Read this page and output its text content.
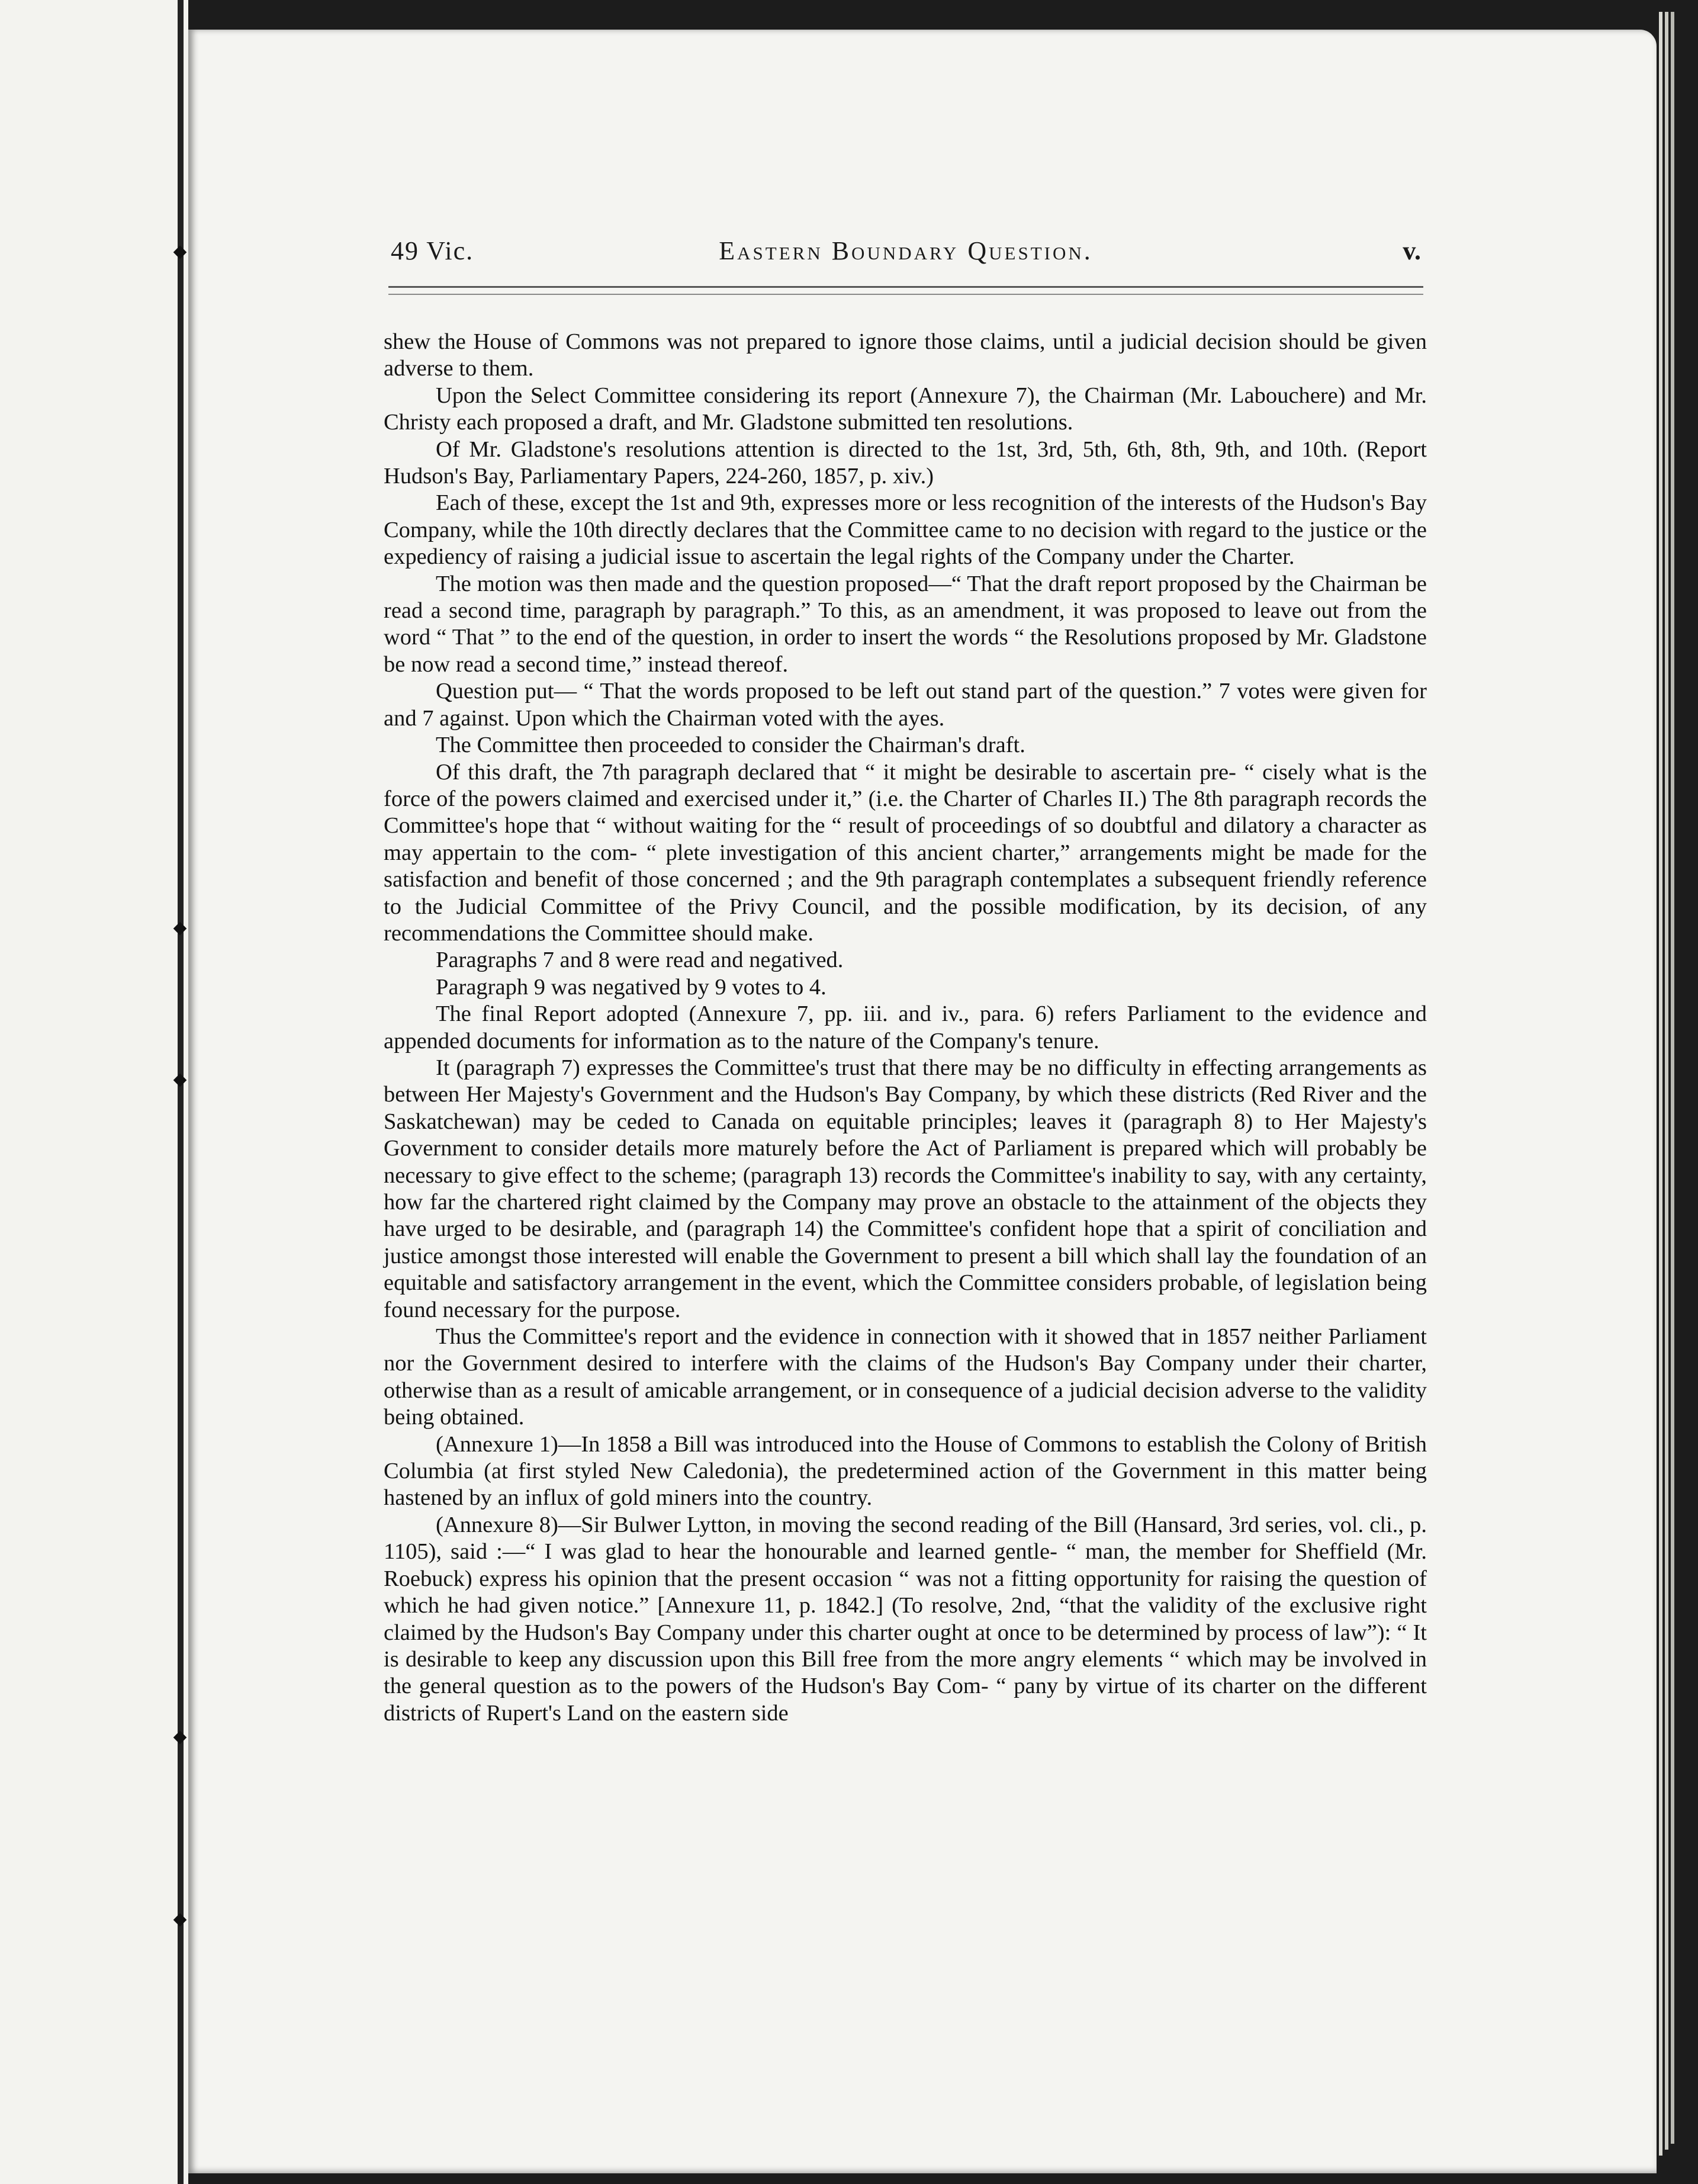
49 Vic.	Eastern Boundary Question.	v.

shew the House of Commons was not prepared to ignore those claims, until a judicial decision should be given adverse to them.

Upon the Select Committee considering its report (Annexure 7), the Chairman (Mr. Labouchere) and Mr. Christy each proposed a draft, and Mr. Gladstone submitted ten resolutions.

Of Mr. Gladstone's resolutions attention is directed to the 1st, 3rd, 5th, 6th, 8th, 9th, and 10th. (Report Hudson's Bay, Parliamentary Papers, 224-260, 1857, p. xiv.)

Each of these, except the 1st and 9th, expresses more or less recognition of the interests of the Hudson's Bay Company, while the 10th directly declares that the Committee came to no decision with regard to the justice or the expediency of raising a judicial issue to ascertain the legal rights of the Company under the Charter.

The motion was then made and the question proposed—“ That the draft report proposed by the Chairman be read a second time, paragraph by paragraph.” To this, as an amendment, it was proposed to leave out from the word “ That ” to the end of the question, in order to insert the words “ the Resolutions proposed by Mr. Gladstone be now read a second time,” instead thereof.

Question put— “ That the words proposed to be left out stand part of the question.” 7 votes were given for and 7 against. Upon which the Chairman voted with the ayes.

The Committee then proceeded to consider the Chairman's draft.

Of this draft, the 7th paragraph declared that “ it might be desirable to ascertain pre- “ cisely what is the force of the powers claimed and exercised under it,” (i.e. the Charter of Charles II.) The 8th paragraph records the Committee's hope that “ without waiting for the “ result of proceedings of so doubtful and dilatory a character as may appertain to the com- “ plete investigation of this ancient charter,” arrangements might be made for the satisfaction and benefit of those concerned ; and the 9th paragraph contemplates a subsequent friendly reference to the Judicial Committee of the Privy Council, and the possible modification, by its decision, of any recommendations the Committee should make.

Paragraphs 7 and 8 were read and negatived.

Paragraph 9 was negatived by 9 votes to 4.

The final Report adopted (Annexure 7, pp. iii. and iv., para. 6) refers Parliament to the evidence and appended documents for information as to the nature of the Company's tenure.

It (paragraph 7) expresses the Committee's trust that there may be no difficulty in effecting arrangements as between Her Majesty's Government and the Hudson's Bay Company, by which these districts (Red River and the Saskatchewan) may be ceded to Canada on equitable principles; leaves it (paragraph 8) to Her Majesty's Government to consider details more maturely before the Act of Parliament is prepared which will probably be necessary to give effect to the scheme; (paragraph 13) records the Committee's inability to say, with any certainty, how far the chartered right claimed by the Company may prove an obstacle to the attainment of the objects they have urged to be desirable, and (paragraph 14) the Committee's confident hope that a spirit of conciliation and justice amongst those interested will enable the Government to present a bill which shall lay the foundation of an equitable and satisfactory arrangement in the event, which the Committee considers probable, of legislation being found necessary for the purpose.

Thus the Committee's report and the evidence in connection with it showed that in 1857 neither Parliament nor the Government desired to interfere with the claims of the Hudson's Bay Company under their charter, otherwise than as a result of amicable arrangement, or in consequence of a judicial decision adverse to the validity being obtained.

(Annexure 1)—In 1858 a Bill was introduced into the House of Commons to establish the Colony of British Columbia (at first styled New Caledonia), the predetermined action of the Government in this matter being hastened by an influx of gold miners into the country.

(Annexure 8)—Sir Bulwer Lytton, in moving the second reading of the Bill (Hansard, 3rd series, vol. cli., p. 1105), said :—“ I was glad to hear the honourable and learned gentle- “ man, the member for Sheffield (Mr. Roebuck) express his opinion that the present occasion “ was not a fitting opportunity for raising the question of which he had given notice.” [Annexure 11, p. 1842.] (To resolve, 2nd, “that the validity of the exclusive right claimed by the Hudson's Bay Company under this charter ought at once to be determined by process of law”): “ It is desirable to keep any discussion upon this Bill free from the more angry elements “ which may be involved in the general question as to the powers of the Hudson's Bay Com- “ pany by virtue of its charter on the different districts of Rupert's Land on the eastern side
